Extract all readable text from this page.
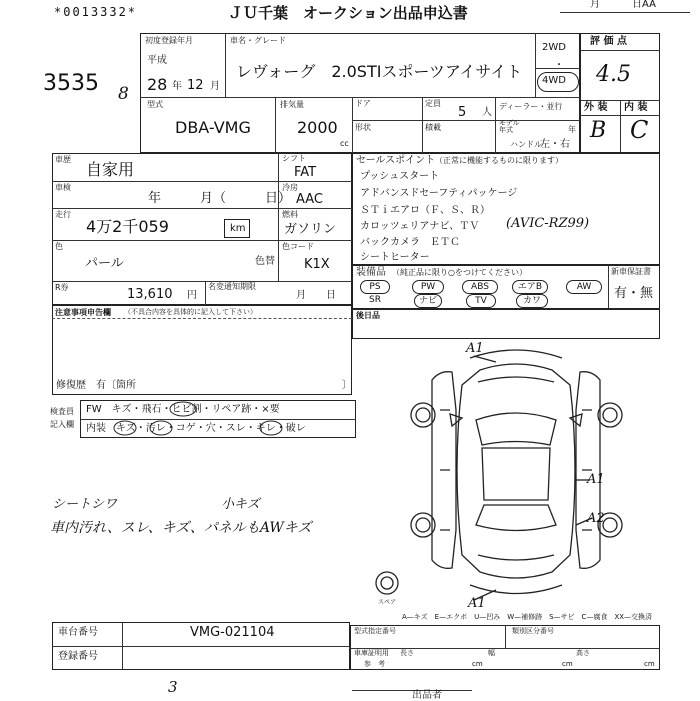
*0013332*	ＪＵ千葉　オークション出品申込書	月	日AA
3535 8
初度登録年月
平成
28 年 12 月
車名・グレード
レヴォーグ　2.0STIスポーツアイサイト
2WD
・
4WD
型式
DBA-VMG
排気量
2000
cc
ドア	定員
5 人
ディーラー・並行
形状	積載	モデル年式	年
ハンドル
左・右
評 価 点
4.5
外 装 内 装
B C
車歴
自家用
車検
年　　　月（　　　日）
走行
4万2千059	km
色
パール	色替
R券	13,610 円
名変通知期限
月　　日
シフト
FAT
冷房
AAC
燃料
ガソリン
色コード
K1X
セールスポイント （正常に機能するものに限ります）
プッシュスタート
アドバンスドセーフティパッケージ
ＳＴｉエアロ（Ｆ、Ｓ、Ｒ）
カロッツェリアナビ、ＴＶ (AVIC-RZ99)
バックカメラ　ＥＴＣ
シートヒーター
装備品 （純正品に限り○をつけてください）
PS	PW	ABS	エアB	AW
SR	ナビ	TV	カワ
新車保証書
有・無
注意事項申告欄 （不具合内容を具体的に記入して下さい）
修復歴　有〔箇所	〕
後日品
検査員
記入欄
FW　キズ・飛石・ヒビ割・リペア跡・×要
内装　キズ・汚レ・コゲ・穴・スレ・キレ・破レ
シートシワ　　　　　　　　小キズ
車内汚れ、スレ、キズ、パネルもAWキズ
A1
A1
A2
A1
スペア
A—キズ　E—エクボ　U—凹み　W—補修跡　S—サビ　C—腐食　XX—交換済
車台番号	VMG-021104
登録番号
型式指定番号	類別区分番号
車庫証明用
参　考
長さ
cm
幅
cm
高さ
cm
3	出品者
